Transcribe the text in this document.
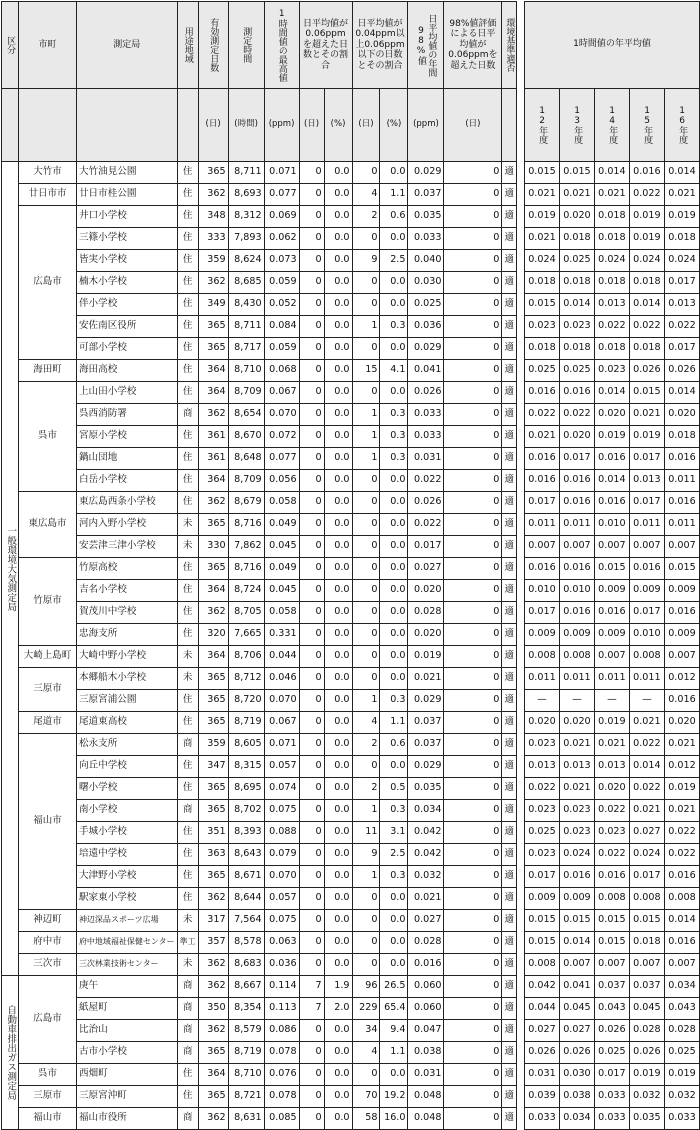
区分	市町	測定局	用途地域	有効測定日数	測定時間	1時間値の最高値	日平均値が0.06ppmを超えた日数とその割合		日平均値が0.04ppm以上0.06ppm以下の日数とその割合		日平均値の年間98%値	98%値評価による日平均値が0.06ppmを超えた日数	環境基準適否		1時間値の年平均値				
				(日)	(時間)	(ppm)	(日)	(%)	(日)	(%)	(ppm)	(日)			12年度	13年度	14年度	15年度	16年度
一般環境大気測定局	大竹市	大竹油見公園	住	365	8,711	0.071	0	0.0	0	0.0	0.029	0	適		0.015	0.015	0.014	0.016	0.014
	廿日市市	廿日市桂公園	住	362	8,693	0.077	0	0.0	4	1.1	0.037	0	適		0.021	0.021	0.021	0.022	0.021
	広島市	井口小学校	住	348	8,312	0.069	0	0.0	2	0.6	0.035	0	適		0.019	0.020	0.018	0.019	0.019
		三篠小学校	住	333	7,893	0.062	0	0.0	0	0.0	0.033	0	適		0.021	0.018	0.018	0.019	0.018
		皆実小学校	住	359	8,624	0.073	0	0.0	9	2.5	0.040	0	適		0.024	0.025	0.024	0.024	0.024
		楠木小学校	住	362	8,685	0.059	0	0.0	0	0.0	0.030	0	適		0.018	0.018	0.018	0.018	0.017
		伴小学校	住	349	8,430	0.052	0	0.0	0	0.0	0.025	0	適		0.015	0.014	0.013	0.014	0.013
		安佐南区役所	住	365	8,711	0.084	0	0.0	1	0.3	0.036	0	適		0.023	0.023	0.022	0.022	0.022
		可部小学校	住	365	8,717	0.059	0	0.0	0	0.0	0.029	0	適		0.018	0.018	0.018	0.018	0.017
	海田町	海田高校	住	364	8,710	0.068	0	0.0	15	4.1	0.041	0	適		0.025	0.025	0.023	0.026	0.026
	呉市	上山田小学校	住	364	8,709	0.067	0	0.0	0	0.0	0.026	0	適		0.016	0.016	0.014	0.015	0.014
		呉西消防署	商	362	8,654	0.070	0	0.0	1	0.3	0.033	0	適		0.022	0.022	0.020	0.021	0.020
		宮原小学校	住	361	8,670	0.072	0	0.0	1	0.3	0.033	0	適		0.021	0.020	0.019	0.019	0.018
		鍋山団地	住	361	8,648	0.077	0	0.0	1	0.3	0.031	0	適		0.016	0.017	0.016	0.017	0.016
		白岳小学校	住	364	8,709	0.056	0	0.0	0	0.0	0.022	0	適		0.016	0.016	0.014	0.013	0.011
	東広島市	東広島西条小学校	住	362	8,679	0.058	0	0.0	0	0.0	0.026	0	適		0.017	0.016	0.016	0.017	0.016
		河内入野小学校	未	365	8,716	0.049	0	0.0	0	0.0	0.022	0	適		0.011	0.011	0.010	0.011	0.011
		安芸津三津小学校	未	330	7,862	0.045	0	0.0	0	0.0	0.017	0	適		0.007	0.007	0.007	0.007	0.007
	竹原市	竹原高校	住	365	8,716	0.049	0	0.0	0	0.0	0.027	0	適		0.016	0.016	0.015	0.016	0.015
		吉名小学校	住	364	8,724	0.045	0	0.0	0	0.0	0.020	0	適		0.010	0.010	0.009	0.009	0.009
		賀茂川中学校	住	362	8,705	0.058	0	0.0	0	0.0	0.028	0	適		0.017	0.016	0.016	0.017	0.016
		忠海支所	住	320	7,665	0.331	0	0.0	0	0.0	0.020	0	適		0.009	0.009	0.009	0.010	0.009
	大崎上島町	大崎中野小学校	未	364	8,706	0.044	0	0.0	0	0.0	0.019	0	適		0.008	0.008	0.007	0.008	0.007
	三原市	本郷船木小学校	未	365	8,712	0.046	0	0.0	0	0.0	0.021	0	適		0.011	0.011	0.011	0.011	0.012
		三原宮浦公園	住	365	8,720	0.070	0	0.0	1	0.3	0.029	0	適		—	—	—	—	0.016
	尾道市	尾道東高校	住	365	8,719	0.067	0	0.0	4	1.1	0.037	0	適		0.020	0.020	0.019	0.021	0.020
	福山市	松永支所	商	359	8,605	0.071	0	0.0	2	0.6	0.037	0	適		0.023	0.021	0.021	0.022	0.021
		向丘中学校	住	347	8,315	0.057	0	0.0	0	0.0	0.029	0	適		0.013	0.013	0.013	0.014	0.012
		曙小学校	住	365	8,695	0.074	0	0.0	2	0.5	0.035	0	適		0.022	0.021	0.020	0.022	0.019
		南小学校	商	365	8,702	0.075	0	0.0	1	0.3	0.034	0	適		0.023	0.023	0.022	0.021	0.021
		手城小学校	住	351	8,393	0.088	0	0.0	11	3.1	0.042	0	適		0.025	0.023	0.023	0.027	0.022
		培遠中学校	住	363	8,643	0.079	0	0.0	9	2.5	0.042	0	適		0.023	0.024	0.022	0.024	0.022
		大津野小学校	住	365	8,671	0.070	0	0.0	1	0.3	0.032	0	適		0.017	0.016	0.016	0.017	0.016
		駅家東小学校	住	362	8,644	0.057	0	0.0	0	0.0	0.021	0	適		0.009	0.009	0.008	0.008	0.008
	神辺町	神辺深品スポーツ広場	未	317	7,564	0.075	0	0.0	0	0.0	0.027	0	適		0.015	0.015	0.015	0.015	0.014
	府中市	府中地域福祉保健センター	準工	357	8,578	0.063	0	0.0	0	0.0	0.028	0	適		0.015	0.014	0.015	0.018	0.016
	三次市	三次林業技術センター	未	362	8,683	0.036	0	0.0	0	0.0	0.016	0	適		0.008	0.007	0.007	0.007	0.007
自動車排出ガス測定局	広島市	庚午	商	362	8,667	0.114	7	1.9	96	26.5	0.060	0	適		0.042	0.041	0.037	0.037	0.034
		紙屋町	商	350	8,354	0.113	7	2.0	229	65.4	0.060	0	適		0.044	0.045	0.043	0.045	0.043
		比治山	商	362	8,579	0.086	0	0.0	34	9.4	0.047	0	適		0.027	0.027	0.026	0.028	0.028
		古市小学校	商	365	8,719	0.078	0	0.0	4	1.1	0.038	0	適		0.026	0.026	0.025	0.026	0.025
	呉市	西畑町	住	364	8,710	0.076	0	0.0	0	0.0	0.031	0	適		0.031	0.030	0.017	0.019	0.019
	三原市	三原宮沖町	住	365	8,721	0.078	0	0.0	70	19.2	0.048	0	適		0.039	0.038	0.033	0.032	0.032
	福山市	福山市役所	商	362	8,631	0.085	0	0.0	58	16.0	0.048	0	適		0.033	0.034	0.033	0.035	0.033
